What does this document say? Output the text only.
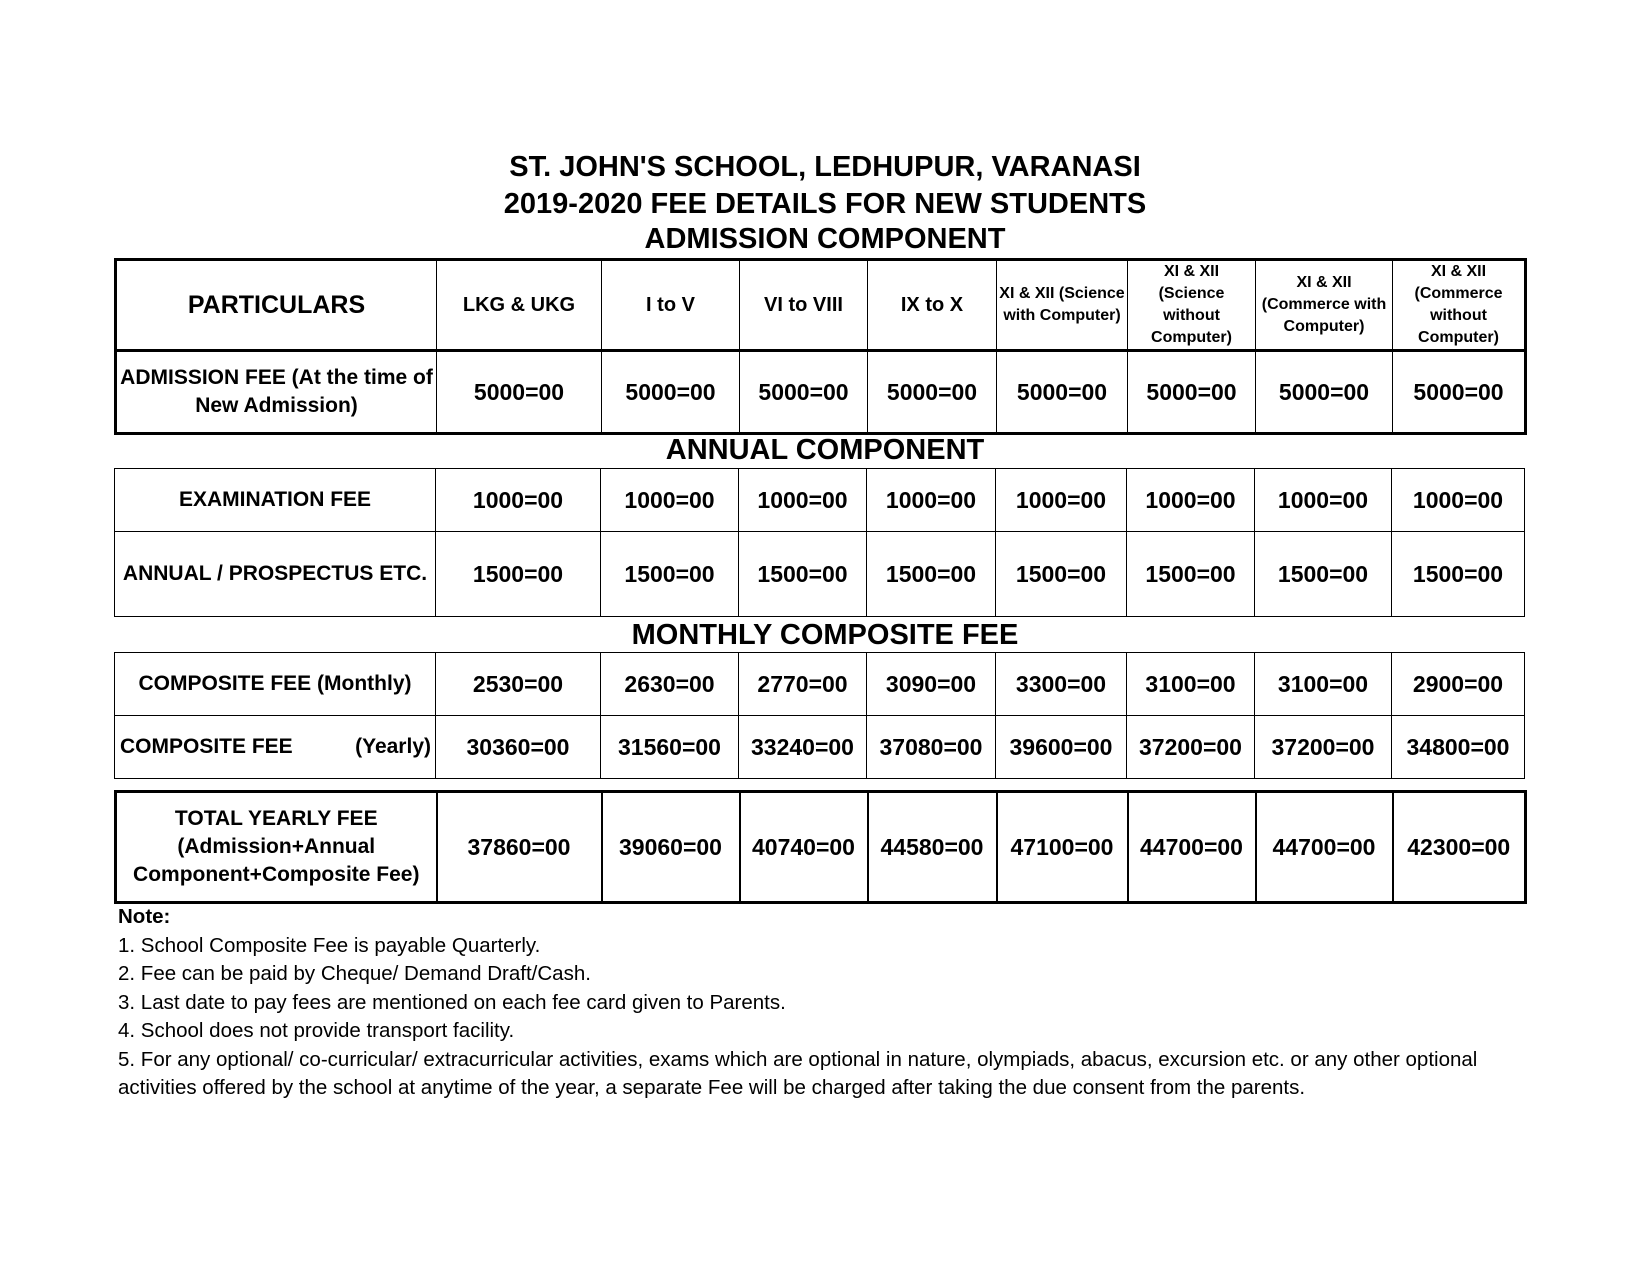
ST. JOHN'S SCHOOL, LEDHUPUR, VARANASI
2019-2020 FEE DETAILS FOR NEW STUDENTS
ADMISSION COMPONENT
PARTICULARS	LKG & UKG	I to V	VI to VIII	IX to X	XI & XII (Science with Computer)	XI & XII (Science without Computer)	XI & XII (Commerce with Computer)	XI & XII (Commerce without Computer)
ADMISSION FEE (At the time of New Admission)	5000=00	5000=00	5000=00	5000=00	5000=00	5000=00	5000=00	5000=00
ANNUAL COMPONENT
EXAMINATION FEE	1000=00	1000=00	1000=00	1000=00	1000=00	1000=00	1000=00	1000=00
ANNUAL / PROSPECTUS ETC.	1500=00	1500=00	1500=00	1500=00	1500=00	1500=00	1500=00	1500=00
MONTHLY COMPOSITE FEE
COMPOSITE FEE (Monthly)	2530=00	2630=00	2770=00	3090=00	3300=00	3100=00	3100=00	2900=00

COMPOSITE FEE (Yearly)	30360=00	31560=00	33240=00	37080=00	39600=00	37200=00	37200=00	34800=00
TOTAL YEARLY FEE (Admission+Annual Component+Composite Fee)	37860=00	39060=00	40740=00	44580=00	47100=00	44700=00	44700=00	42300=00
Note:
1. School Composite Fee is payable Quarterly.
2. Fee can be paid by Cheque/ Demand Draft/Cash.
3. Last date to pay fees are mentioned on each fee card given to Parents.
4. School does not provide transport facility.
5. For any optional/ co-curricular/ extracurricular activities, exams which are optional in nature, olympiads, abacus, excursion etc. or any other optional activities offered by the school at anytime of the year, a separate Fee will be charged after taking the due consent from the parents.
